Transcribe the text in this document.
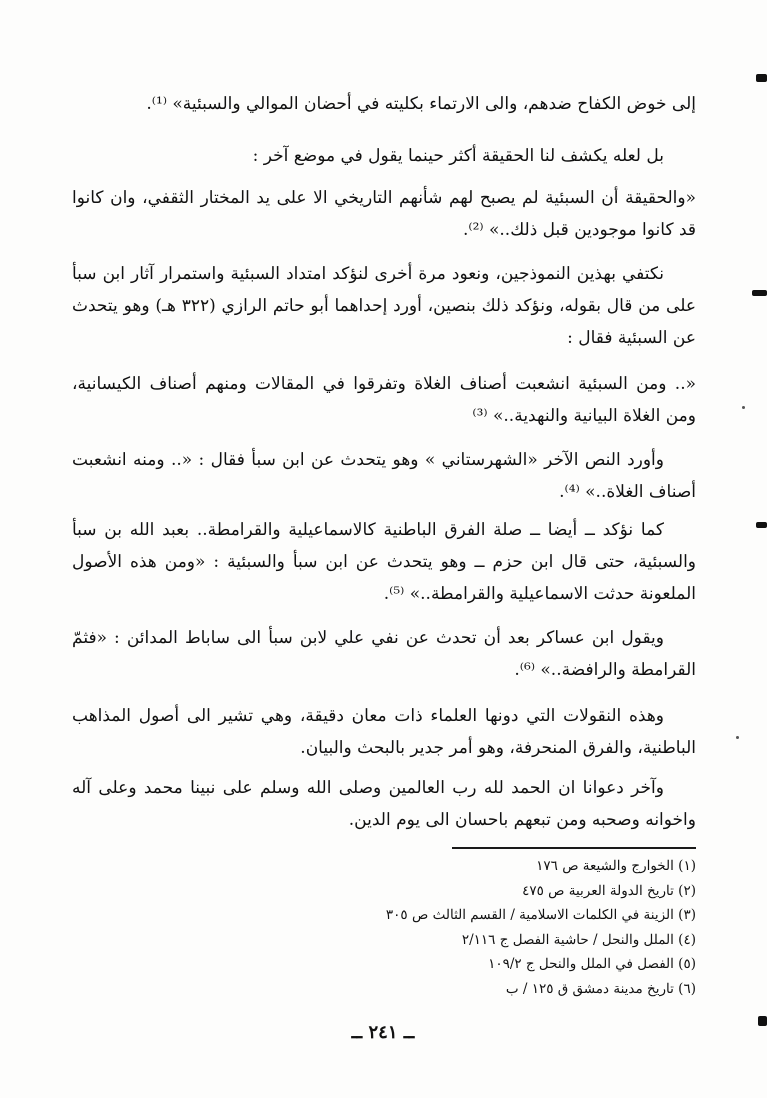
إلى خوض الكفاح ضدهم، والى الارتماء بكليته في أحضان الموالي والسبئية» ⁽¹⁾.

بل لعله يكشف لنا الحقيقة أكثر حينما يقول في موضع آخر :

«والحقيقة أن السبئية لم يصبح لهم شأنهم التاريخي الا على يد المختار الثقفي، وان كانوا قد كانوا موجودين قبل ذلك..» ⁽²⁾.

نكتفي بهذين النموذجين، ونعود مرة أخرى لنؤكد امتداد السبئية واستمرار آثار ابن سبأ على من قال بقوله، ونؤكد ذلك بنصين، أورد إحداهما أبو حاتم الرازي (٣٢٢ هـ) وهو يتحدث عن السبئية فقال :

«.. ومن السبئية انشعبت أصناف الغلاة وتفرقوا في المقالات ومنهم أصناف الكيسانية، ومن الغلاة البيانية والنهدية..» ⁽³⁾

وأورد النص الآخر «الشهرستاني » وهو يتحدث عن ابن سبأ فقال : «.. ومنه انشعبت أصناف الغلاة..» ⁽⁴⁾.

كما نؤكد ــ أيضا ــ صلة الفرق الباطنية كالاسماعيلية والقرامطة.. بعبد الله بن سبأ والسبئية، حتى قال ابن حزم ــ وهو يتحدث عن ابن سبأ والسبئية : «ومن هذه الأصول الملعونة حدثت الاسماعيلية والقرامطة..» ⁽⁵⁾.

ويقول ابن عساكر بعد أن تحدث عن نفي علي لابن سبأ الى ساباط المدائن : «فثمّ القرامطة والرافضة..» ⁽⁶⁾.

وهذه النقولات التي دونها العلماء ذات معان دقيقة، وهي تشير الى أصول المذاهب الباطنية، والفرق المنحرفة، وهو أمر جدير بالبحث والبيان.

وآخر دعوانا ان الحمد لله رب العالمين وصلى الله وسلم على نبينا محمد وعلى آله واخوانه وصحبه ومن تبعهم باحسان الى يوم الدين.

(١) الخوارج والشيعة ص ١٧٦
(٢) تاريخ الدولة العربية ص ٤٧٥
(٣) الزينة في الكلمات الاسلامية / القسم الثالث ص ٣٠٥
(٤) الملل والنحل / حاشية الفصل ج ٢/١١٦
(٥) الفصل في الملل والنحل ج ١٠٩/٢
(٦) تاريخ مدينة دمشق ق ١٢٥ / ب
ــ ٢٤١ ــ
